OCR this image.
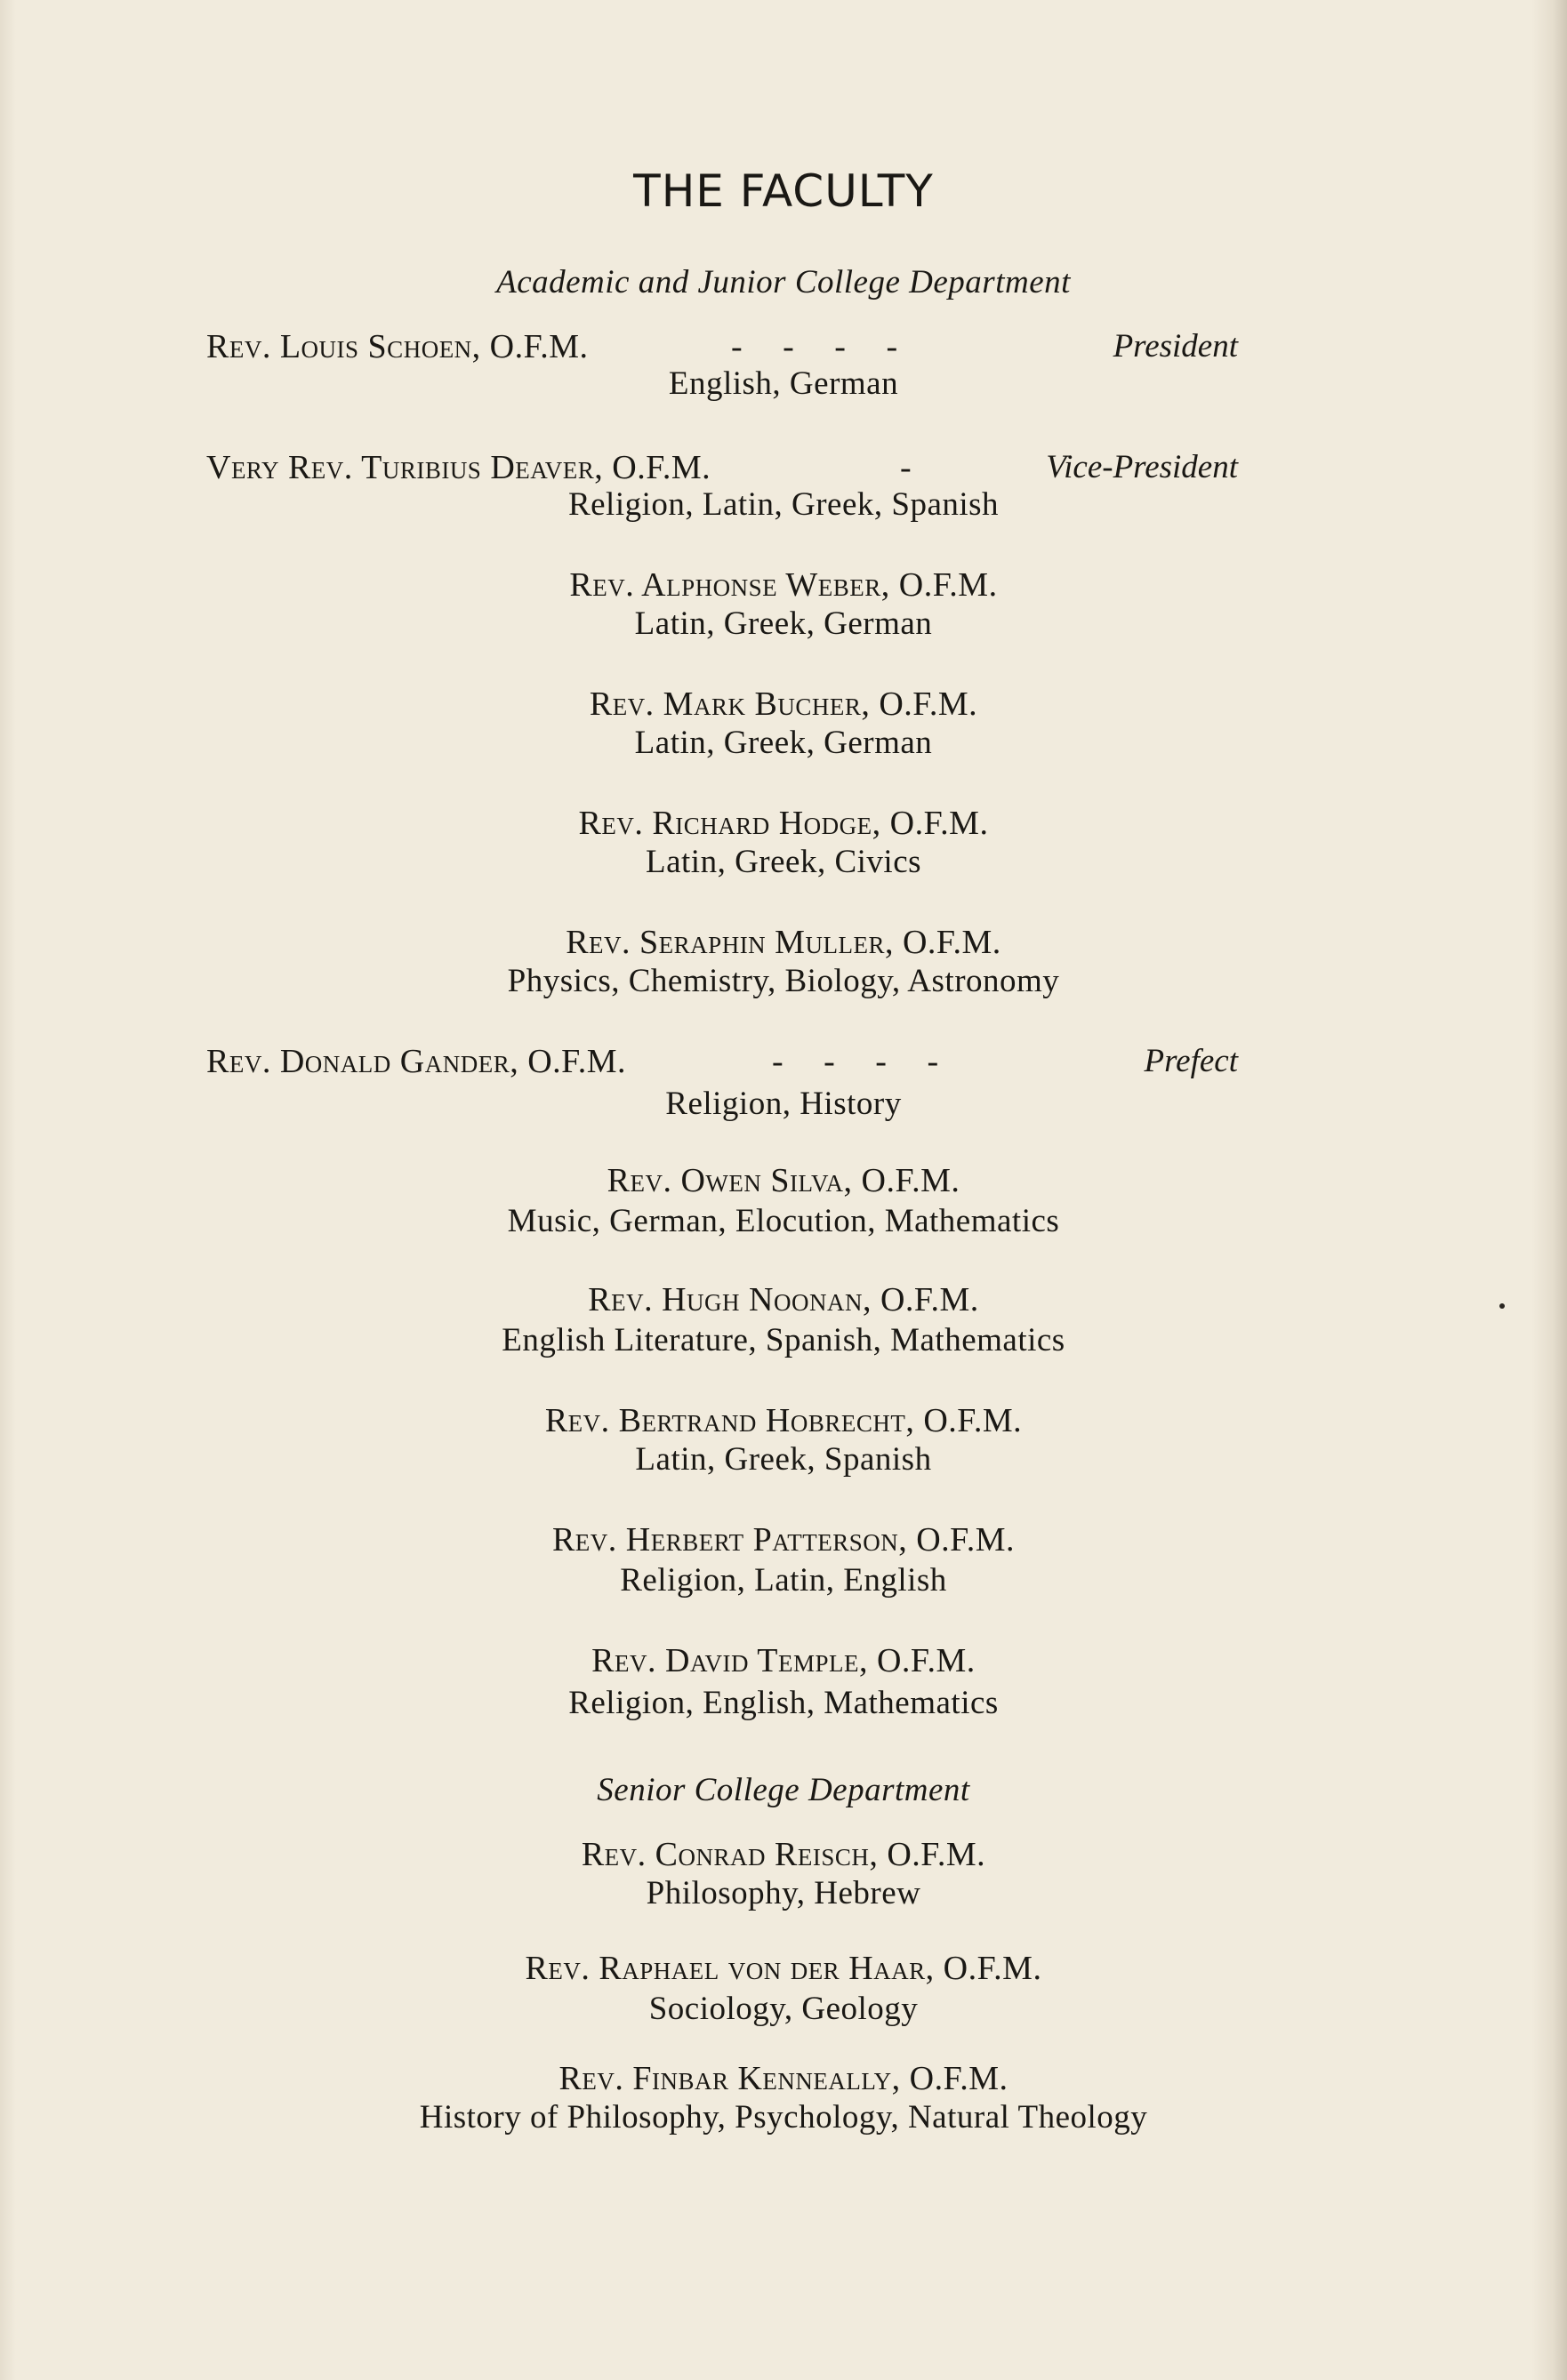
THE FACULTY
Academic and Junior College Department
Rev. Louis Schoen, O.F.M.	- - - -	President
English, German
Very Rev. Turibius Deaver, O.F.M.	-	Vice-President
Religion, Latin, Greek, Spanish
Rev. Alphonse Weber, O.F.M.
Latin, Greek, German
Rev. Mark Bucher, O.F.M.
Latin, Greek, German
Rev. Richard Hodge, O.F.M.
Latin, Greek, Civics
Rev. Seraphin Muller, O.F.M.
Physics, Chemistry, Biology, Astronomy
Rev. Donald Gander, O.F.M.	- - - -	Prefect
Religion, History
Rev. Owen Silva, O.F.M.
Music, German, Elocution, Mathematics
Rev. Hugh Noonan, O.F.M.
English Literature, Spanish, Mathematics
Rev. Bertrand Hobrecht, O.F.M.
Latin, Greek, Spanish
Rev. Herbert Patterson, O.F.M.
Religion, Latin, English
Rev. David Temple, O.F.M.
Religion, English, Mathematics
Senior College Department
Rev. Conrad Reisch, O.F.M.
Philosophy, Hebrew
Rev. Raphael von der Haar, O.F.M.
Sociology, Geology
Rev. Finbar Kenneally, O.F.M.
History of Philosophy, Psychology, Natural Theology
